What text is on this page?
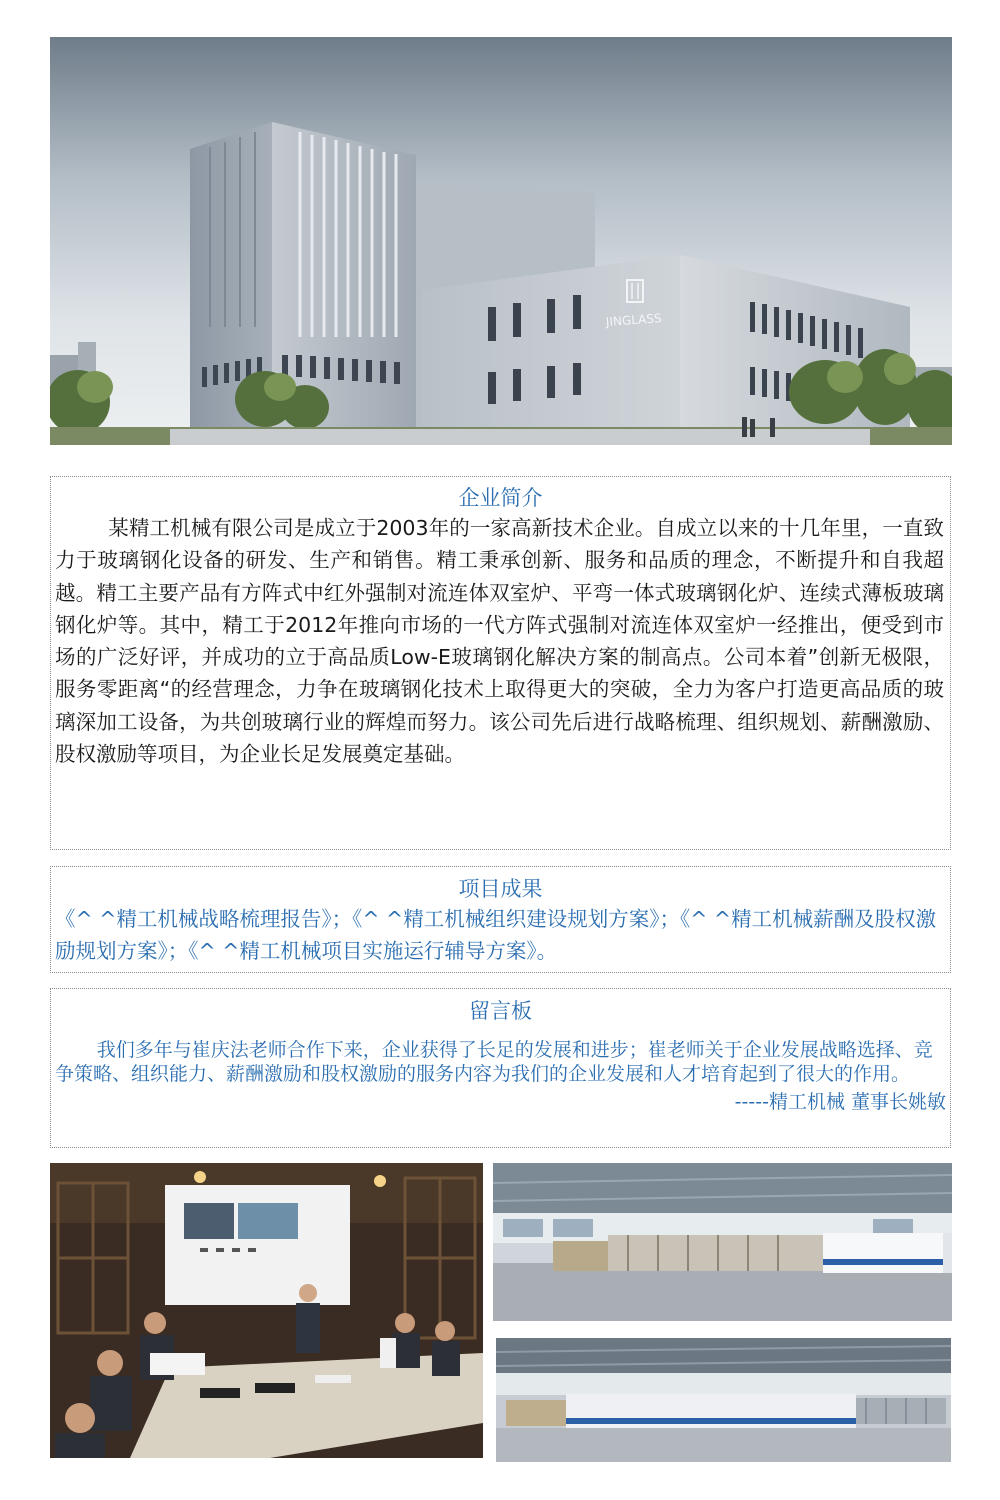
JINGLASS
企业简介
某精工机械有限公司是成立于2003年的一家高新技术企业。自成立以来的十几年里，一直致力于玻璃钢化设备的研发、生产和销售。精工秉承创新、服务和品质的理念，不断提升和自我超越。精工主要产品有方阵式中红外强制对流连体双室炉、平弯一体式玻璃钢化炉、连续式薄板玻璃钢化炉等。其中，精工于2012年推向市场的一代方阵式强制对流连体双室炉一经推出，便受到市场的广泛好评，并成功的立于高品质Low-E玻璃钢化解决方案的制高点。公司本着”创新无极限，服务零距离“的经营理念，力争在玻璃钢化技术上取得更大的突破，全力为客户打造更高品质的玻璃深加工设备，为共创玻璃行业的辉煌而努力。该公司先后进行战略梳理、组织规划、薪酬激励、股权激励等项目，为企业长足发展奠定基础。
项目成果
《^ ^精工机械战略梳理报告》；《^ ^精工机械组织建设规划方案》；《^ ^精工机械薪酬及股权激励规划方案》；《^ ^精工机械项目实施运行辅导方案》。
留言板
我们多年与崔庆法老师合作下来，企业获得了长足的发展和进步；崔老师关于企业发展战略选择、竞争策略、组织能力、薪酬激励和股权激励的服务内容为我们的企业发展和人才培育起到了很大的作用。
-----精工机械 董事长姚敏
